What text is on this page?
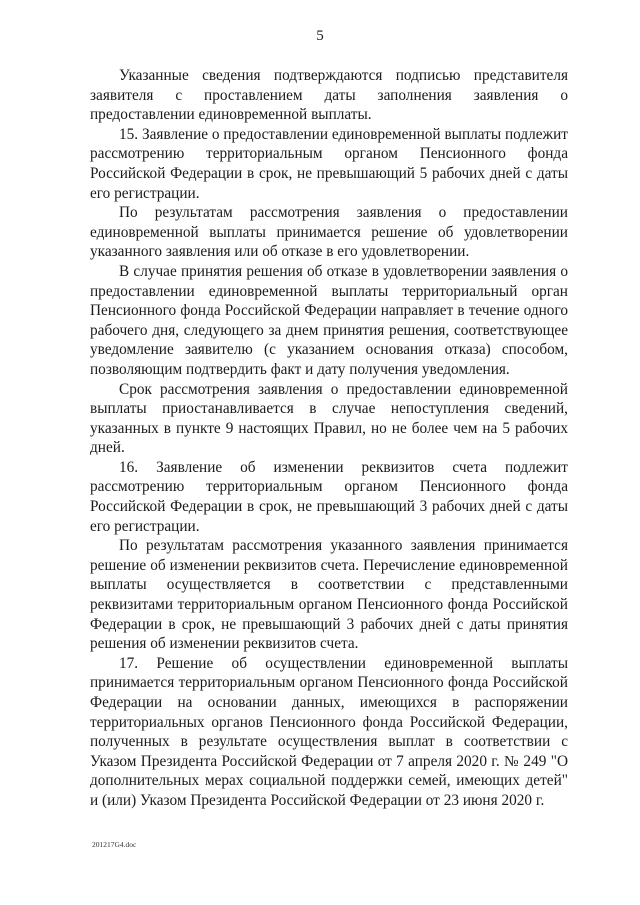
5

Указанные сведения подтверждаются подписью представителя заявителя с проставлением даты заполнения заявления о предоставлении единовременной выплаты.

15. Заявление о предоставлении единовременной выплаты подлежит рассмотрению территориальным органом Пенсионного фонда Российской Федерации в срок, не превышающий 5 рабочих дней с даты его регистрации.

По результатам рассмотрения заявления о предоставлении единовременной выплаты принимается решение об удовлетворении указанного заявления или об отказе в его удовлетворении.

В случае принятия решения об отказе в удовлетворении заявления о предоставлении единовременной выплаты территориальный орган Пенсионного фонда Российской Федерации направляет в течение одного рабочего дня, следующего за днем принятия решения, соответствующее уведомление заявителю (с указанием основания отказа) способом, позволяющим подтвердить факт и дату получения уведомления.

Срок рассмотрения заявления о предоставлении единовременной выплаты приостанавливается в случае непоступления сведений, указанных в пункте 9 настоящих Правил, но не более чем на 5 рабочих дней.

16. Заявление об изменении реквизитов счета подлежит рассмотрению территориальным органом Пенсионного фонда Российской Федерации в срок, не превышающий 3 рабочих дней с даты его регистрации.

По результатам рассмотрения указанного заявления принимается решение об изменении реквизитов счета. Перечисление единовременной выплаты осуществляется в соответствии с представленными реквизитами территориальным органом Пенсионного фонда Российской Федерации в срок, не превышающий 3 рабочих дней с даты принятия решения об изменении реквизитов счета.

17. Решение об осуществлении единовременной выплаты принимается территориальным органом Пенсионного фонда Российской Федерации на основании данных, имеющихся в распоряжении территориальных органов Пенсионного фонда Российской Федерации, полученных в результате осуществления выплат в соответствии с Указом Президента Российской Федерации от 7 апреля 2020 г. № 249 "О дополнительных мерах социальной поддержки семей, имеющих детей" и (или) Указом Президента Российской Федерации от 23 июня 2020 г.

201217G4.doc
